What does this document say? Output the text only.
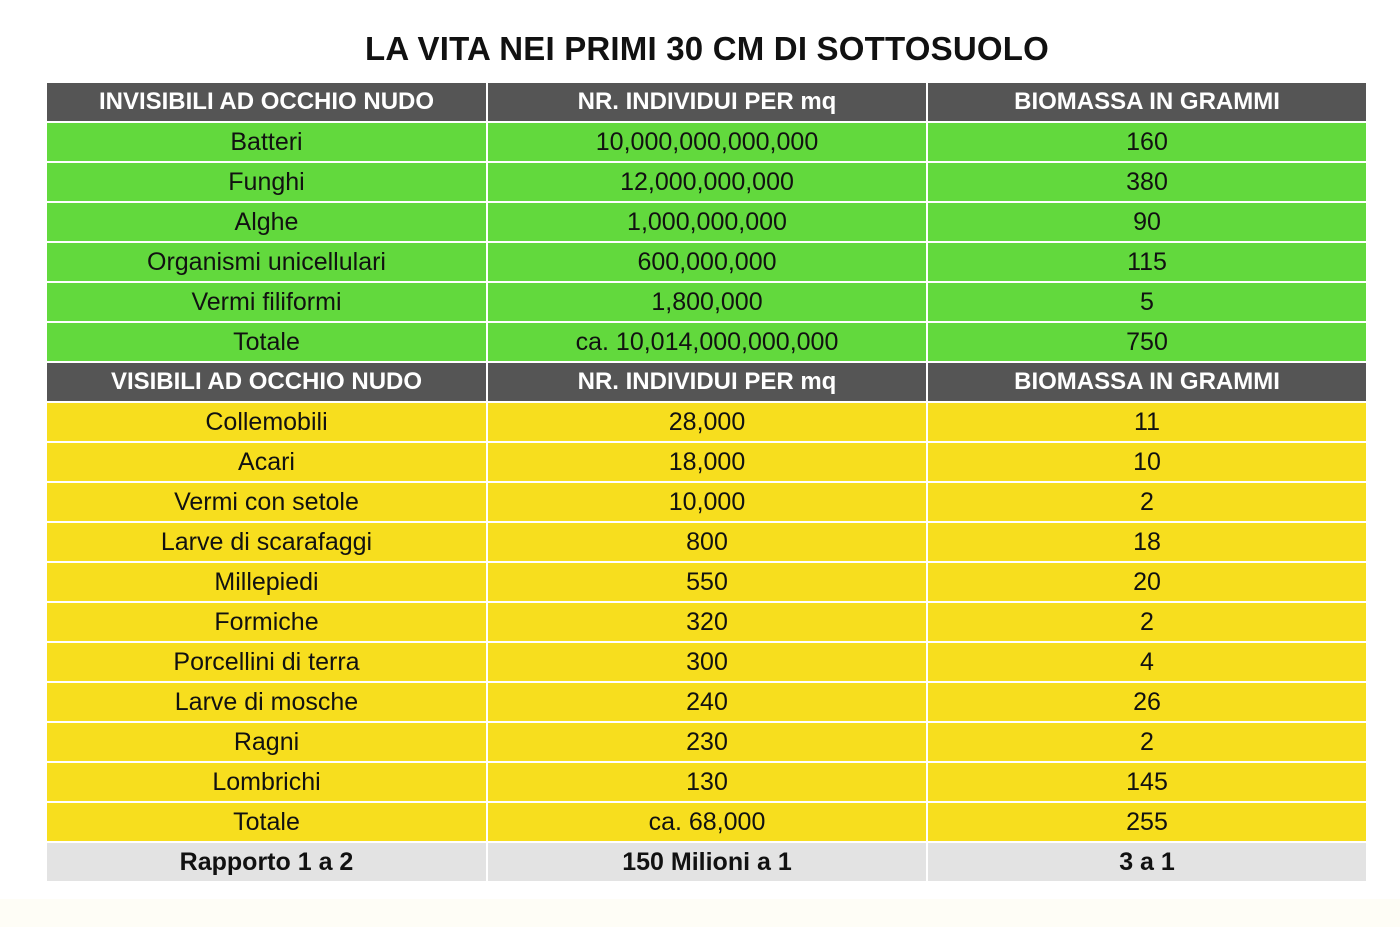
LA VITA NEI PRIMI 30 CM DI SOTTOSUOLO
INVISIBILI AD OCCHIO NUDO	NR. INDIVIDUI PER mq	BIOMASSA IN GRAMMI
Batteri	10,000,000,000,000	160
Funghi	12,000,000,000	380
Alghe	1,000,000,000	90
Organismi unicellulari	600,000,000	115
Vermi filiformi	1,800,000	5
Totale	ca. 10,014,000,000,000	750
VISIBILI AD OCCHIO NUDO	NR. INDIVIDUI PER mq	BIOMASSA IN GRAMMI
Collemobili	28,000	11
Acari	18,000	10
Vermi con setole	10,000	2
Larve di scarafaggi	800	18
Millepiedi	550	20
Formiche	320	2
Porcellini di terra	300	4
Larve di mosche	240	26
Ragni	230	2
Lombrichi	130	145
Totale	ca. 68,000	255
Rapporto 1 a 2	150 Milioni a 1	3 a 1
